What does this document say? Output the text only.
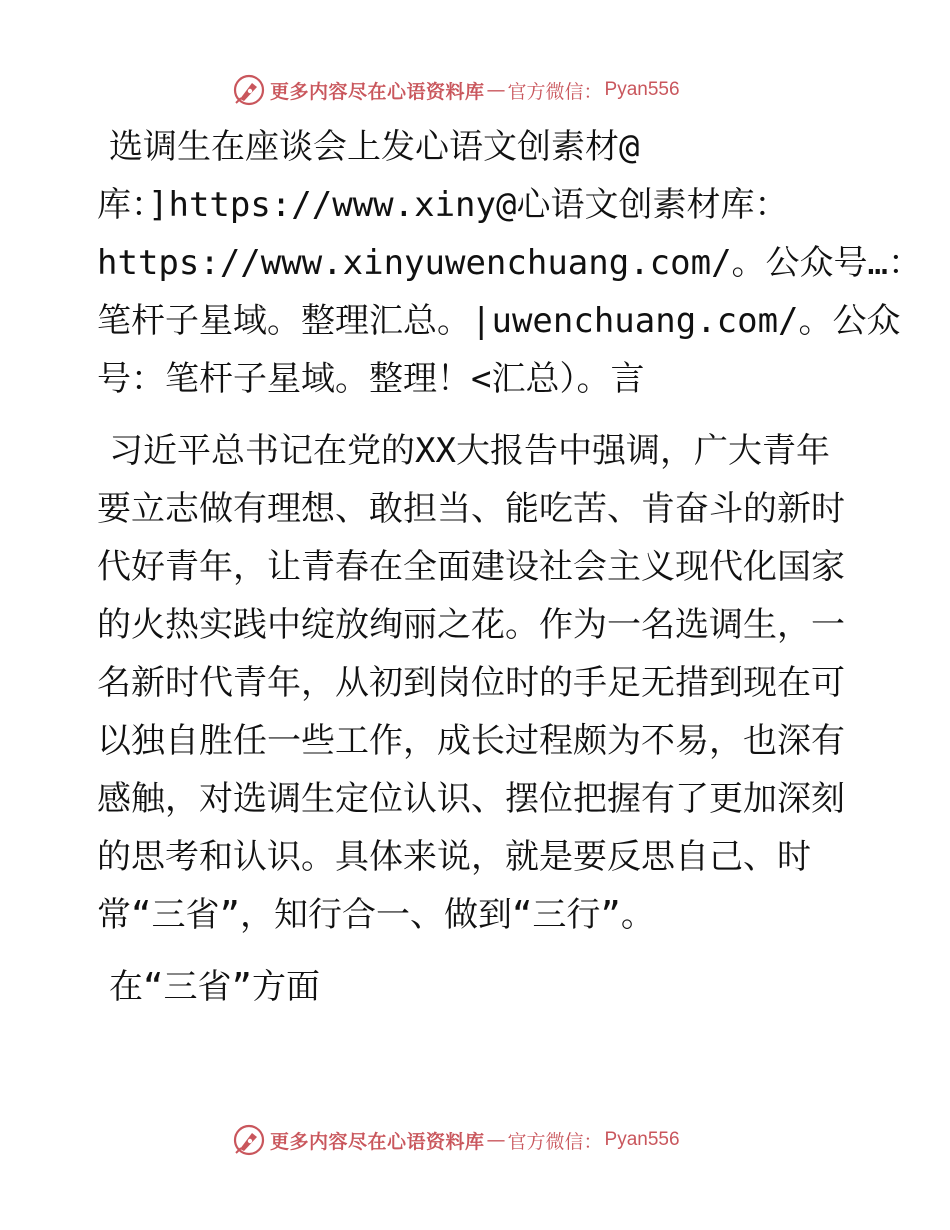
更多内容尽在心语资料库 — 官方微信： Pyan556
选调生在座谈会上发心语文创素材@
库：]https://www.xiny@心语文创素材库：
https://www.xinyuwenchuang.com/。公众号…：
笔杆子星域。整理汇总。|uwenchuang.com/。公众
号：笔杆子星域。整理！<汇总）。言
习近平总书记在党的XX大报告中强调，广大青年
要立志做有理想、敢担当、能吃苦、肯奋斗的新时
代好青年，让青春在全面建设社会主义现代化国家
的火热实践中绽放绚丽之花。作为一名选调生，一
名新时代青年，从初到岗位时的手足无措到现在可
以独自胜任一些工作，成长过程颇为不易，也深有
感触，对选调生定位认识、摆位把握有了更加深刻
的思考和认识。具体来说，就是要反思自己、时
常“三省”，知行合一、做到“三行”。
在“三省”方面
更多内容尽在心语资料库 — 官方微信： Pyan556
